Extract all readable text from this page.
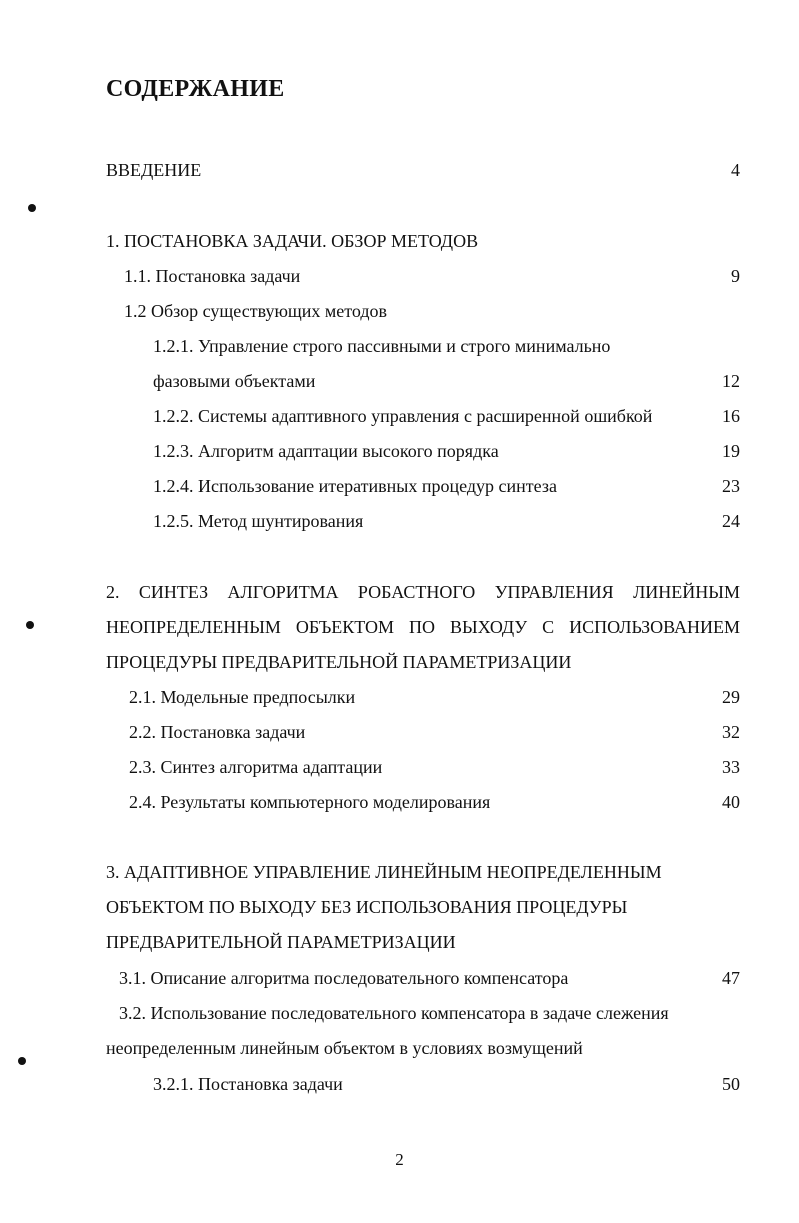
СОДЕРЖАНИЕ
ВВЕДЕНИЕ	4
1. ПОСТАНОВКА ЗАДАЧИ. ОБЗОР МЕТОДОВ
1.1. Постановка задачи	9
1.2 Обзор существующих методов
1.2.1. Управление строго пассивными и строго минимально
фазовыми объектами	12
1.2.2. Системы адаптивного управления с расширенной ошибкой	16
1.2.3. Алгоритм адаптации высокого порядка	19
1.2.4. Использование итеративных процедур синтеза	23
1.2.5. Метод шунтирования	24
2. СИНТЕЗ АЛГОРИТМА РОБАСТНОГО УПРАВЛЕНИЯ ЛИНЕЙНЫМ
НЕОПРЕДЕЛЕННЫМ ОБЪЕКТОМ ПО ВЫХОДУ С ИСПОЛЬЗОВАНИЕМ
ПРОЦЕДУРЫ ПРЕДВАРИТЕЛЬНОЙ ПАРАМЕТРИЗАЦИИ
2.1. Модельные предпосылки	29
2.2. Постановка задачи	32
2.3. Синтез алгоритма адаптации	33
2.4. Результаты компьютерного моделирования	40
3. АДАПТИВНОЕ УПРАВЛЕНИЕ ЛИНЕЙНЫМ НЕОПРЕДЕЛЕННЫМ
ОБЪЕКТОМ ПО ВЫХОДУ БЕЗ ИСПОЛЬЗОВАНИЯ ПРОЦЕДУРЫ
ПРЕДВАРИТЕЛЬНОЙ ПАРАМЕТРИЗАЦИИ
3.1. Описание алгоритма последовательного компенсатора	47
3.2. Использование последовательного компенсатора в задаче слежения
неопределенным линейным объектом в условиях возмущений
3.2.1. Постановка задачи	50
2
